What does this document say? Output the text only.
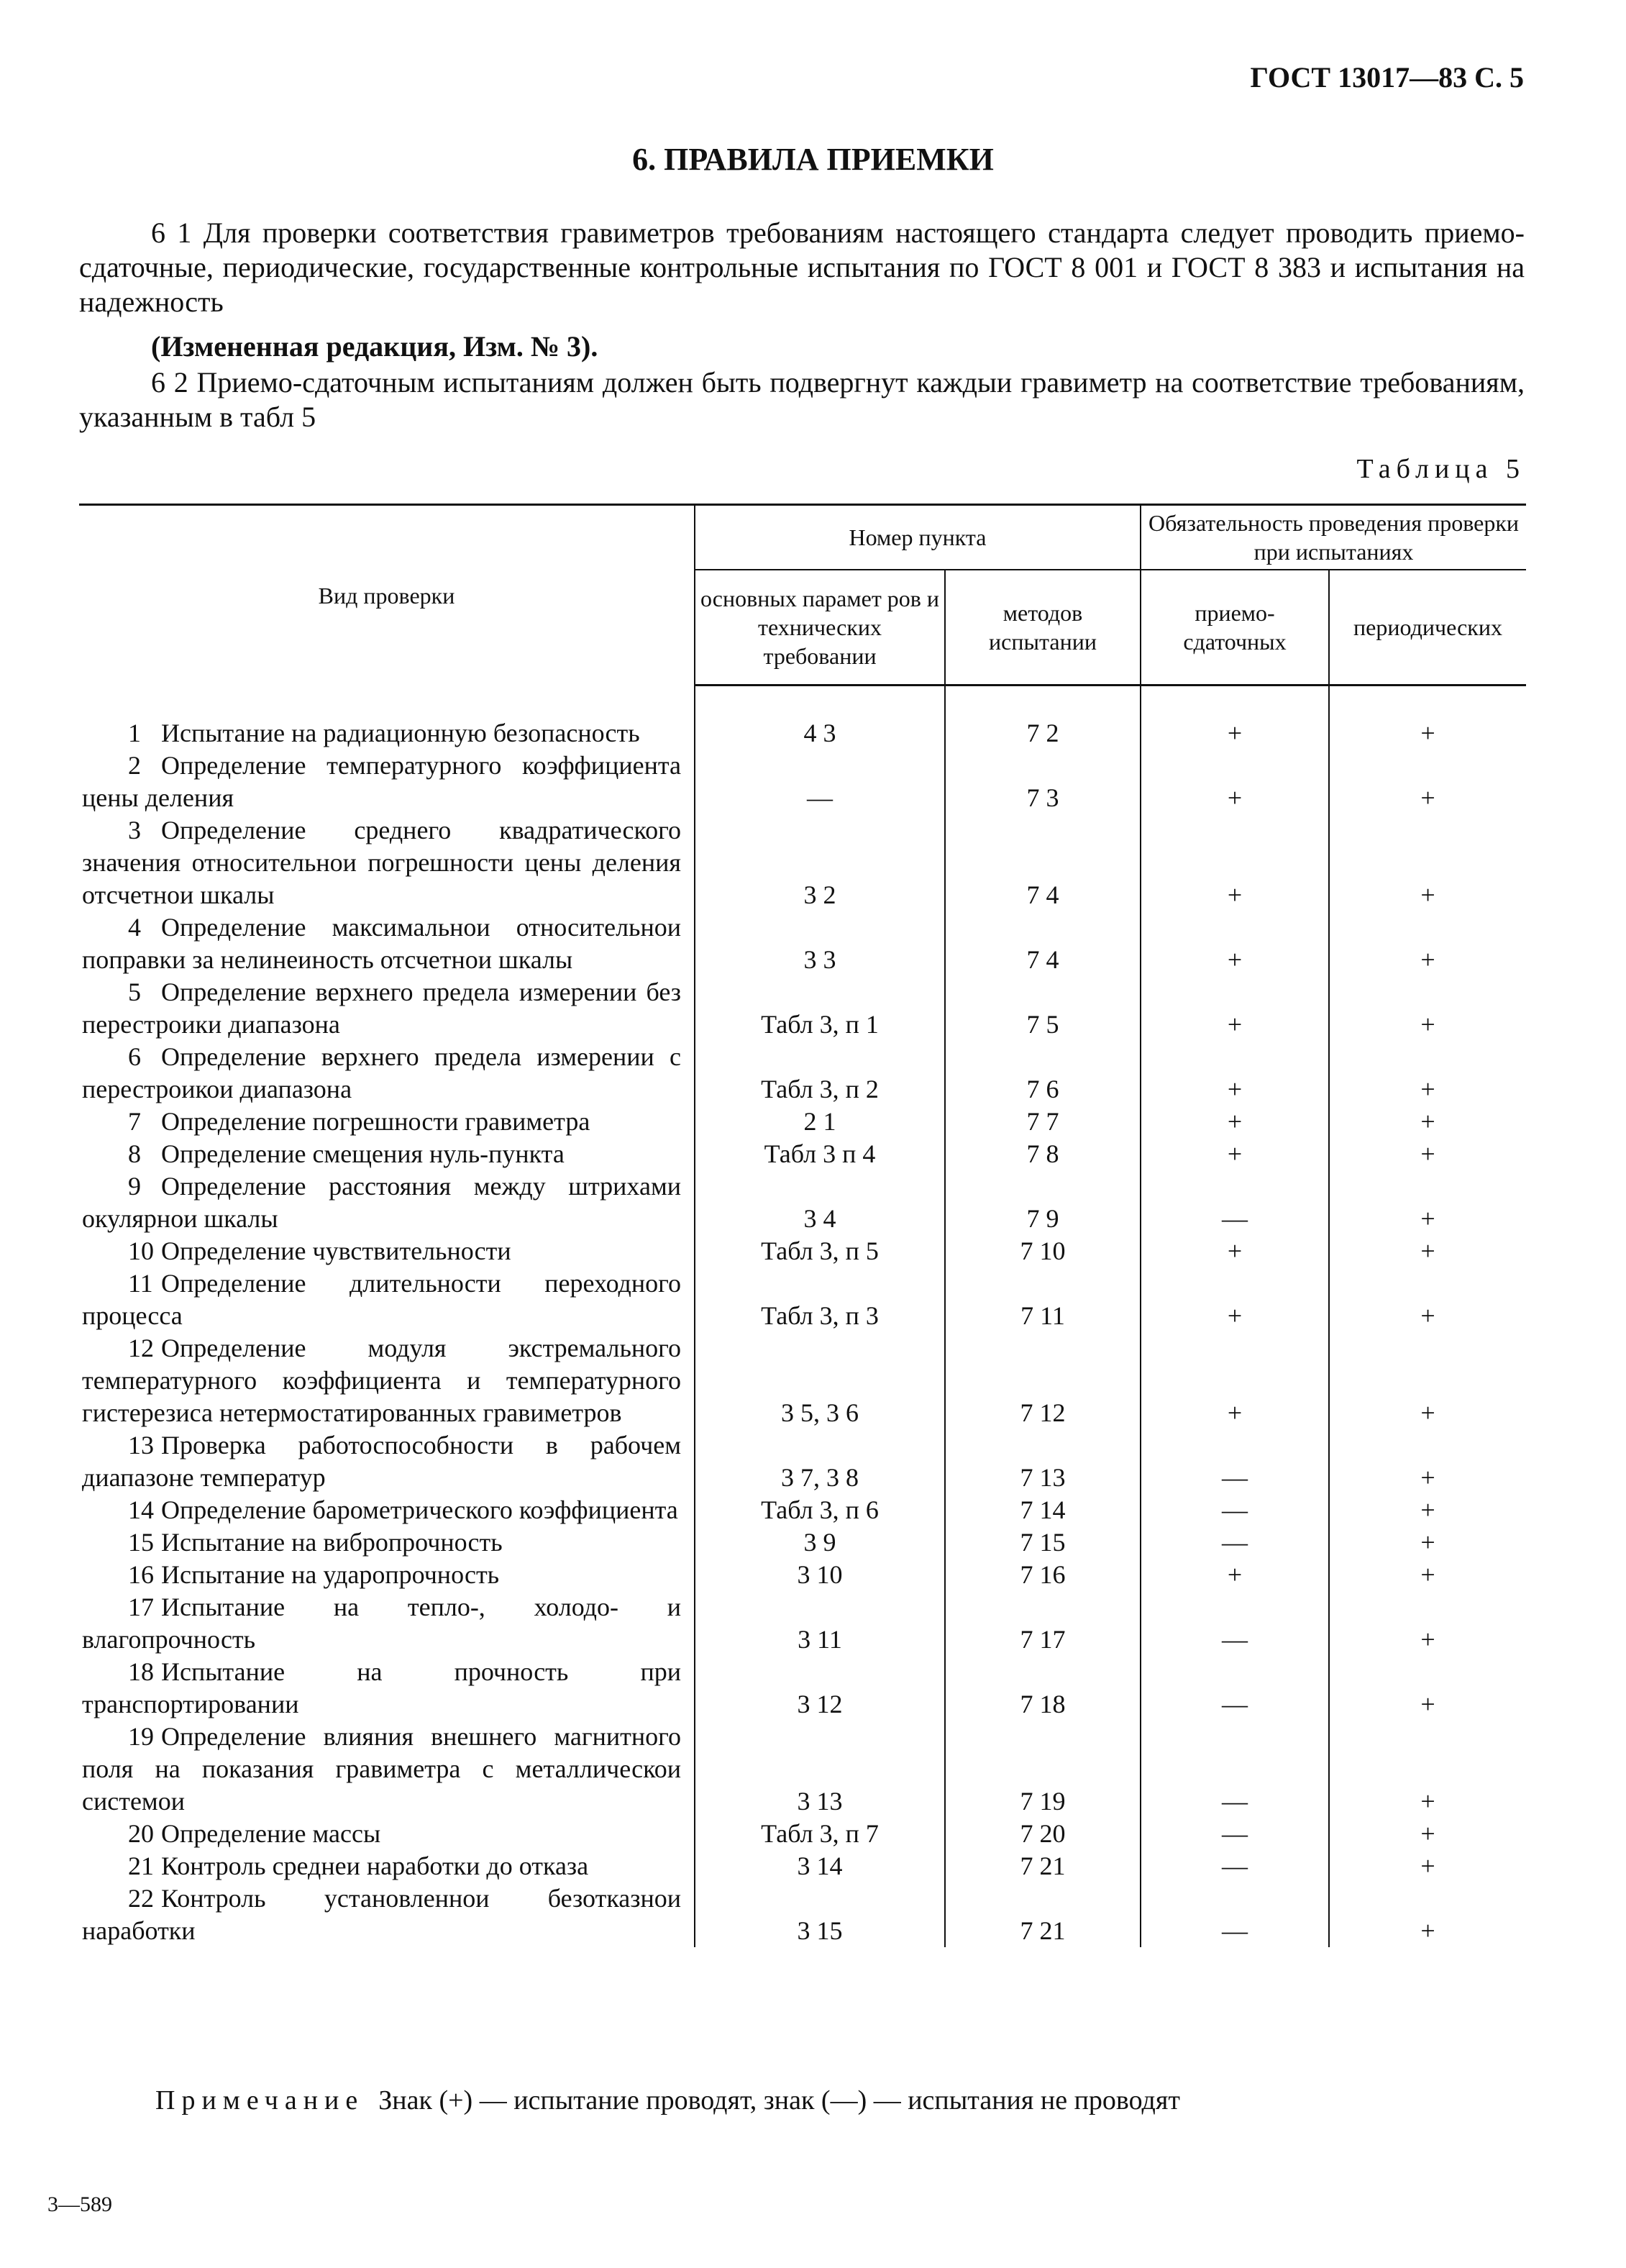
ГОСТ 13017—83 С. 5
6. ПРАВИЛА ПРИЕМКИ
6 1 Для проверки соответствия гравиметров требованиям настоящего стандарта следует проводить приемо-сдаточные, периодические, государственные контрольные испытания по ГОСТ 8 001 и ГОСТ 8 383 и испытания на надежность
(Измененная редакция, Изм. № 3).
6 2 Приемо-сдаточным испытаниям должен быть подвергнут каждыи гравиметр на соответствие требованиям, указанным в табл 5
Таблица 5
Вид проверки	Номер пункта		Обязательность проведения проверки при испытаниях	
	основных парамет ров и технических требовании	методов испытании	приемо-сдаточных	периодических
1 Испытание на радиационную безопасность	4 3	7 2	+	+
2 Определение температурного коэффициента цены деления	—	7 3	+	+
3 Определение среднего квадратического значения относительнои погрешности цены деления отсчетнои шкалы	3 2	7 4	+	+
4 Определение максимальнои относительнои поправки за нелинеиность отсчетнои шкалы	3 3	7 4	+	+
5 Определение верхнего предела измерении без перестроики диапазона	Табл 3, п 1	7 5	+	+
6 Определение верхнего предела измерении с перестроикои диапазона	Табл 3, п 2	7 6	+	+
7 Определение погрешности гравиметра	2 1	7 7	+	+
8 Определение смещения нуль-пункта	Табл 3 п 4	7 8	+	+
9 Определение расстояния между штрихами окулярнои шкалы	3 4	7 9	—	+
10 Определение чувствительности	Табл 3, п 5	7 10	+	+
11 Определение длительности переходного процесса	Табл 3, п 3	7 11	+	+
12 Определение модуля экстремального температурного коэффициента и температурного гистерезиса нетермостатированных гравиметров	3 5, 3 6	7 12	+	+
13 Проверка работоспособности в рабочем диапазоне температур	3 7, 3 8	7 13	—	+
14 Определение барометрического коэффициента	Табл 3, п 6	7 14	—	+
15 Испытание на вибропрочность	3 9	7 15	—	+
16 Испытание на ударопрочность	3 10	7 16	+	+
17 Испытание на тепло-, холодо- и влагопрочность	3 11	7 17	—	+
18 Испытание на прочность при транспортировании	3 12	7 18	—	+
19 Определение влияния внешнего магнитного поля на показания гравиметра с металлическои системои	3 13	7 19	—	+
20 Определение массы	Табл 3, п 7	7 20	—	+
21 Контроль среднеи наработки до отказа	3 14	7 21	—	+
22 Контроль установленнои безотказнои наработки	3 15	7 21	—	+
Примечание Знак (+) — испытание проводят, знак (—) — испытания не проводят
3—589
